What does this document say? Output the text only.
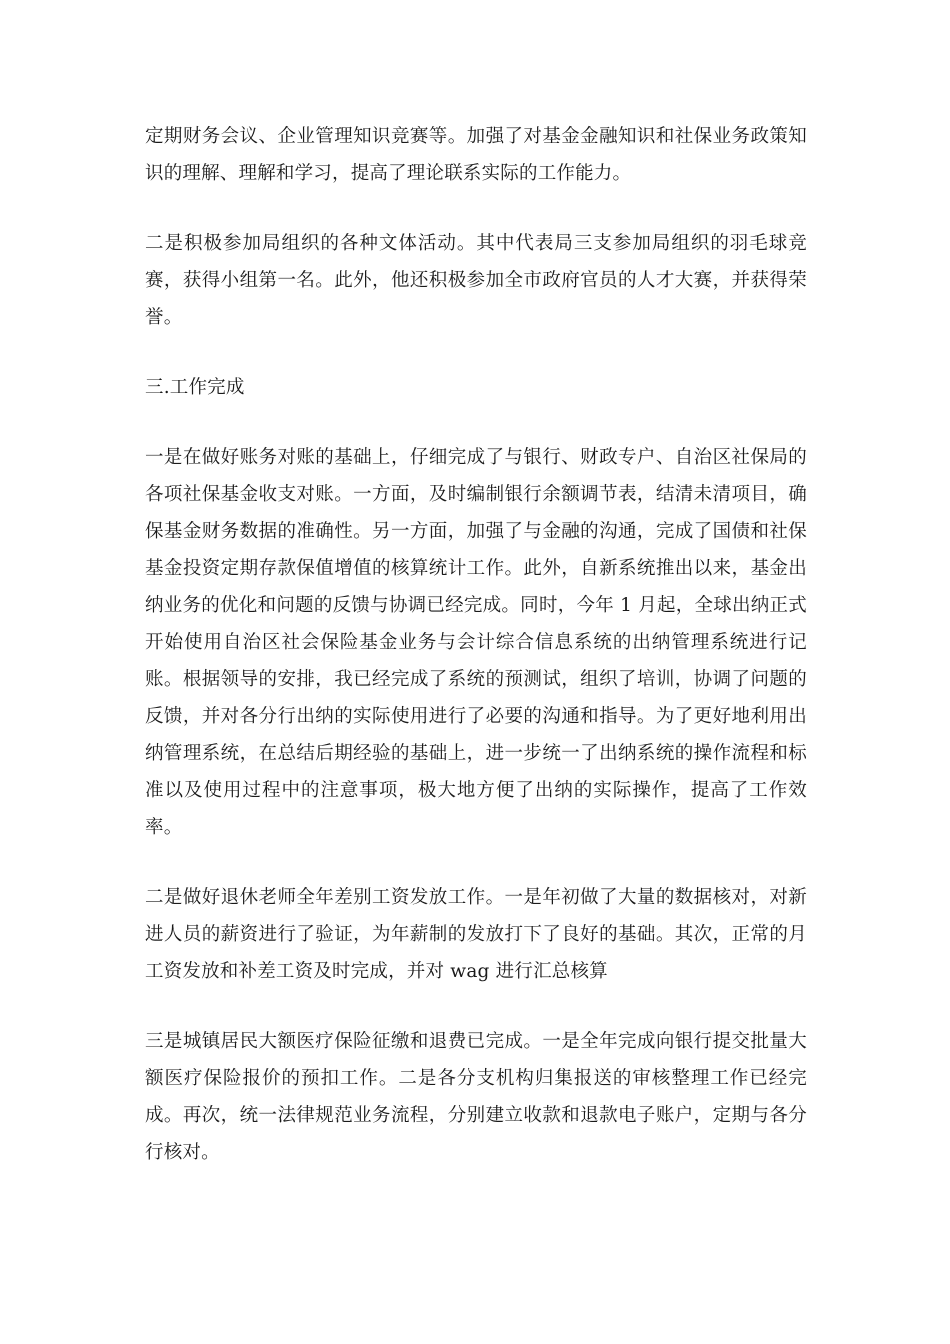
定期财务会议、企业管理知识竞赛等。加强了对基金金融知识和社保业务政策知识的理解、理解和学习，提高了理论联系实际的工作能力。

二是积极参加局组织的各种文体活动。其中代表局三支参加局组织的羽毛球竞赛，获得小组第一名。此外，他还积极参加全市政府官员的人才大赛，并获得荣誉。

三.工作完成

一是在做好账务对账的基础上，仔细完成了与银行、财政专户、自治区社保局的各项社保基金收支对账。一方面，及时编制银行余额调节表，结清未清项目，确保基金财务数据的准确性。另一方面，加强了与金融的沟通，完成了国债和社保基金投资定期存款保值增值的核算统计工作。此外，自新系统推出以来，基金出纳业务的优化和问题的反馈与协调已经完成。同时，今年 1 月起，全球出纳正式开始使用自治区社会保险基金业务与会计综合信息系统的出纳管理系统进行记账。根据领导的安排，我已经完成了系统的预测试，组织了培训，协调了问题的反馈，并对各分行出纳的实际使用进行了必要的沟通和指导。为了更好地利用出纳管理系统，在总结后期经验的基础上，进一步统一了出纳系统的操作流程和标准以及使用过程中的注意事项，极大地方便了出纳的实际操作，提高了工作效率。

二是做好退休老师全年差别工资发放工作。一是年初做了大量的数据核对，对新进人员的薪资进行了验证，为年薪制的发放打下了良好的基础。其次，正常的月工资发放和补差工资及时完成，并对 wag 进行汇总核算

三是城镇居民大额医疗保险征缴和退费已完成。一是全年完成向银行提交批量大额医疗保险报价的预扣工作。二是各分支机构归集报送的审核整理工作已经完成。再次，统一法律规范业务流程，分别建立收款和退款电子账户，定期与各分行核对。
